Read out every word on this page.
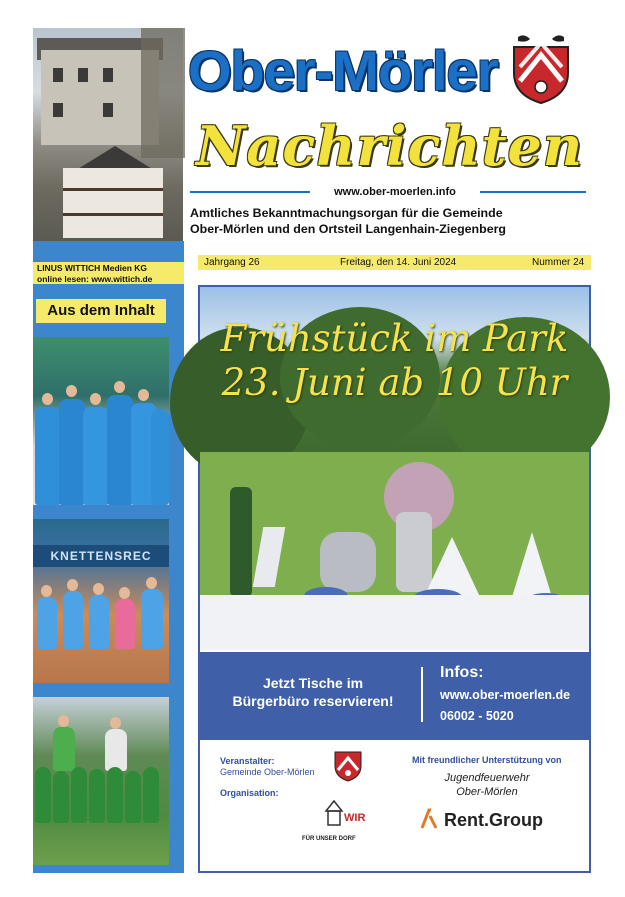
Ober-Mörler
Nachrichten
www.ober-moerlen.info
Amtliches Bekanntmachungsorgan für die Gemeinde
Ober-Mörlen und den Ortsteil Langenhain-Ziegenberg
LINUS WITTICH Medien KG
online lesen: www.wittich.de
Aus dem Inhalt
KNETTENSREC
Jahrgang 26	Freitag, den 14. Juni 2024	Nummer 24
Frühstück im Park
23. Juni ab 10 Uhr
Jetzt Tische im
Bürgerbüro reservieren!
Infos:
www.ober-moerlen.de
06002 - 5020
Veranstalter:
Gemeinde Ober-Mörlen
Organisation:
WIR
FÜR UNSER DORF
Mit freundlicher Unterstützung von
Jugendfeuerwehr
Ober-Mörlen
Rent.Group
